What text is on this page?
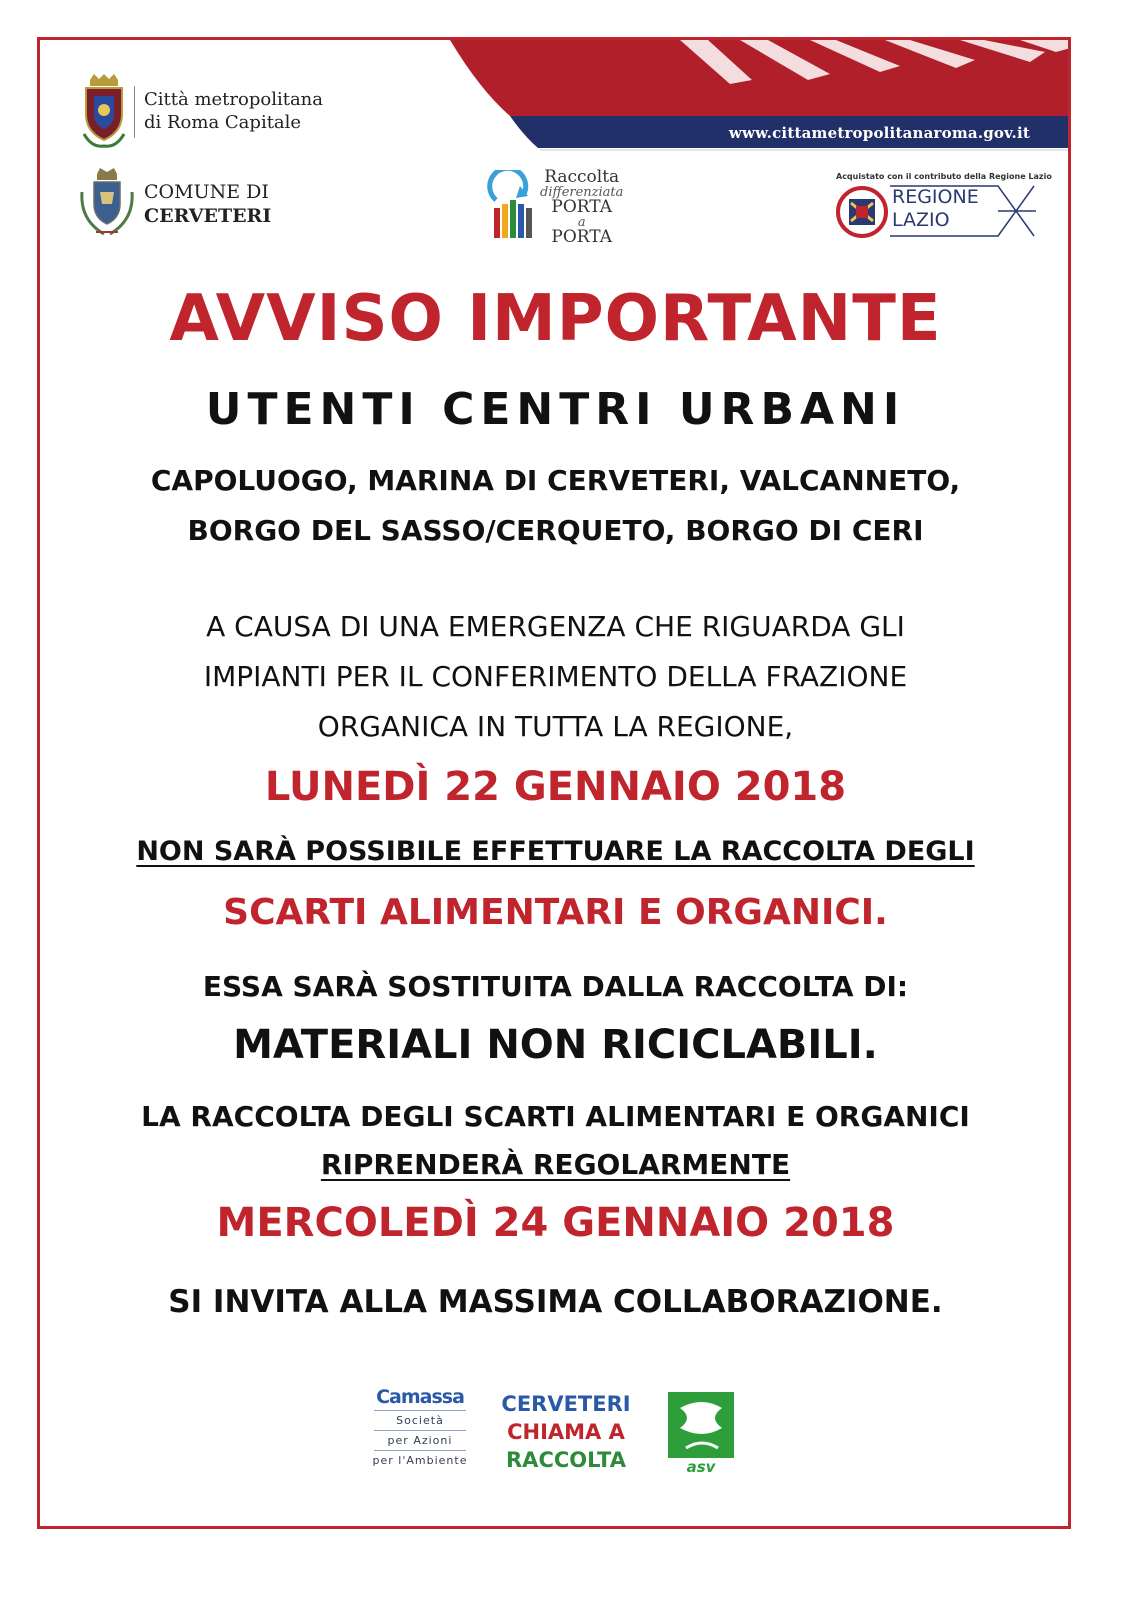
www.cittametropolitanaroma.gov.it
Città metropolitana
di Roma Capitale
COMUNE DI
CERVETERI
Raccolta
differenziata
PORTA
a
PORTA
Acquistato con il contributo della Regione Lazio
REGIONE
LAZIO
AVVISO IMPORTANTE
UTENTI CENTRI URBANI
CAPOLUOGO, MARINA DI CERVETERI, VALCANNETO,
BORGO DEL SASSO/CERQUETO, BORGO DI CERI
A CAUSA DI UNA EMERGENZA CHE RIGUARDA GLI
IMPIANTI PER IL CONFERIMENTO DELLA FRAZIONE
ORGANICA IN TUTTA LA REGIONE,
LUNEDÌ 22 GENNAIO 2018
NON SARÀ POSSIBILE EFFETTUARE LA RACCOLTA DEGLI
SCARTI ALIMENTARI E ORGANICI.
ESSA SARÀ SOSTITUITA DALLA RACCOLTA DI:
MATERIALI NON RICICLABILI.
LA RACCOLTA DEGLI SCARTI ALIMENTARI E ORGANICI
RIPRENDERÀ REGOLARMENTE
MERCOLEDÌ 24 GENNAIO 2018
SI INVITA ALLA MASSIMA COLLABORAZIONE.
Camassa
Società
per Azioni
per l'Ambiente
CERVETERI
CHIAMA A
RACCOLTA	asv
